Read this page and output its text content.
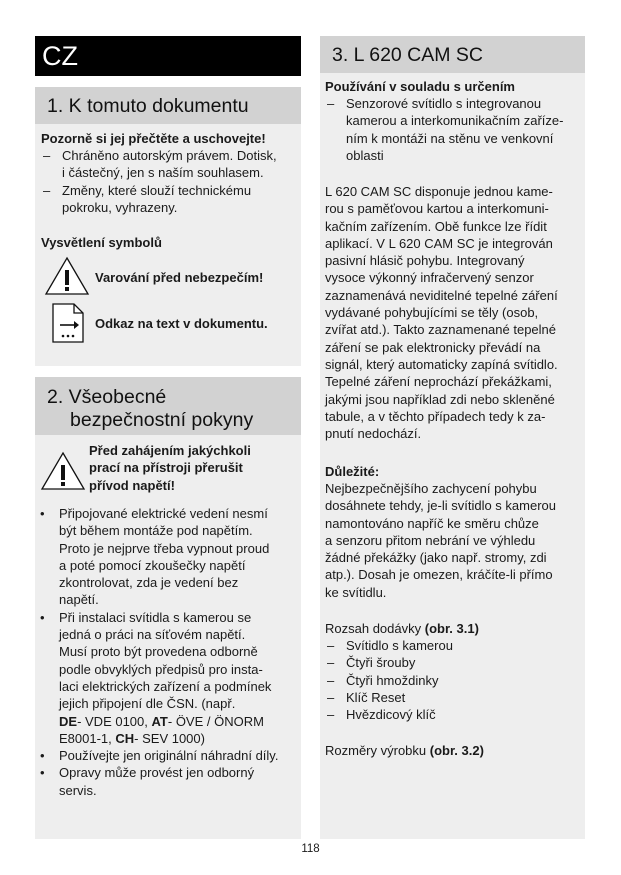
CZ
1. K tomuto dokumentu

Pozorně si jej přečtěte a uschovejte!

– Chráněno autorským právem. Dotisk,
i částečný, jen s naším souhlasem.
– Změny, které slouží technickému
pokroku, vyhrazeny.

Vysvětlení symbolů

Varování před nebezpečím!

Odkaz na text v dokumentu.

2. Všeobecné
bezpečnostní pokyny

Před zahájením jakýchkoli
prací na přístroji přerušit
přívod napětí!

• Připojované elektrické vedení nesmí
být během montáže pod napětím.
Proto je nejprve třeba vypnout proud
a poté pomocí zkoušečky napětí
zkontrolovat, zda je vedení bez
napětí.
• Při instalaci svítidla s kamerou se
jedná o práci na síťovém napětí.
Musí proto být provedena odborně
podle obvyklých předpisů pro insta-
laci elektrických zařízení a podmínek
jejich připojení dle ČSN. (např.
DE- VDE 0100, AT- ÖVE / ÖNORM
E8001-1, CH- SEV 1000)
• Používejte jen originální náhradní díly.
• Opravy může provést jen odborný
servis.
3. L 620 CAM SC

Používání v souladu s určením

– Senzorové svítidlo s integrovanou
kamerou a interkomunikačním zaříze-
ním k montáži na stěnu ve venkovní
oblasti

L 620 CAM SC disponuje jednou kame-
rou s paměťovou kartou a interkomuni-
kačním zařízením. Obě funkce lze řídit
aplikací. V L 620 CAM SC je integrován
pasivní hlásič pohybu. Integrovaný
vysoce výkonný infračervený senzor
zaznamenává neviditelné tepelné záření
vydávané pohybujícími se těly (osob,
zvířat atd.). Takto zaznamenané tepelné
záření se pak elektronicky převádí na
signál, který automaticky zapíná svítidlo.
Tepelné záření neprochází překážkami,
jakými jsou například zdi nebo skleněné
tabule, a v těchto případech tedy k za-
pnutí nedochází.

Důležité:

Nejbezpečnějšího zachycení pohybu
dosáhnete tehdy, je-li svítidlo s kamerou
namontováno napříč ke směru chůze
a senzoru přitom nebrání ve výhledu
žádné překážky (jako např. stromy, zdi
atp.). Dosah je omezen, kráčíte-li přímo
ke svítidlu.

Rozsah dodávky (obr. 3.1)

– Svítidlo s kamerou
– Čtyři šrouby
– Čtyři hmoždinky
– Klíč Reset
– Hvězdicový klíč

Rozměry výrobku (obr. 3.2)

118
